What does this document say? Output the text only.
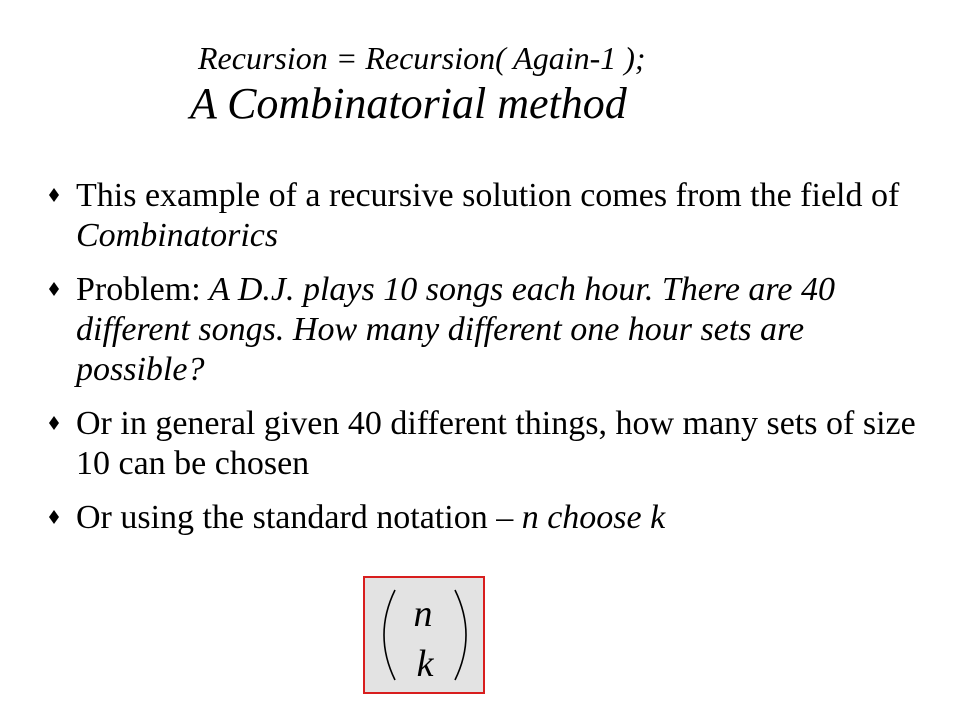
Recursion = Recursion( Again-1 );
A Combinatorial method
This example of a recursive solution comes from the field of Combinatorics
Problem: A D.J. plays 10 songs each hour. There are 40 different songs. How many different one hour sets are possible?
Or in general given 40 different things, how many sets of size 10 can be chosen
Or using the standard notation – n choose k
n
k
